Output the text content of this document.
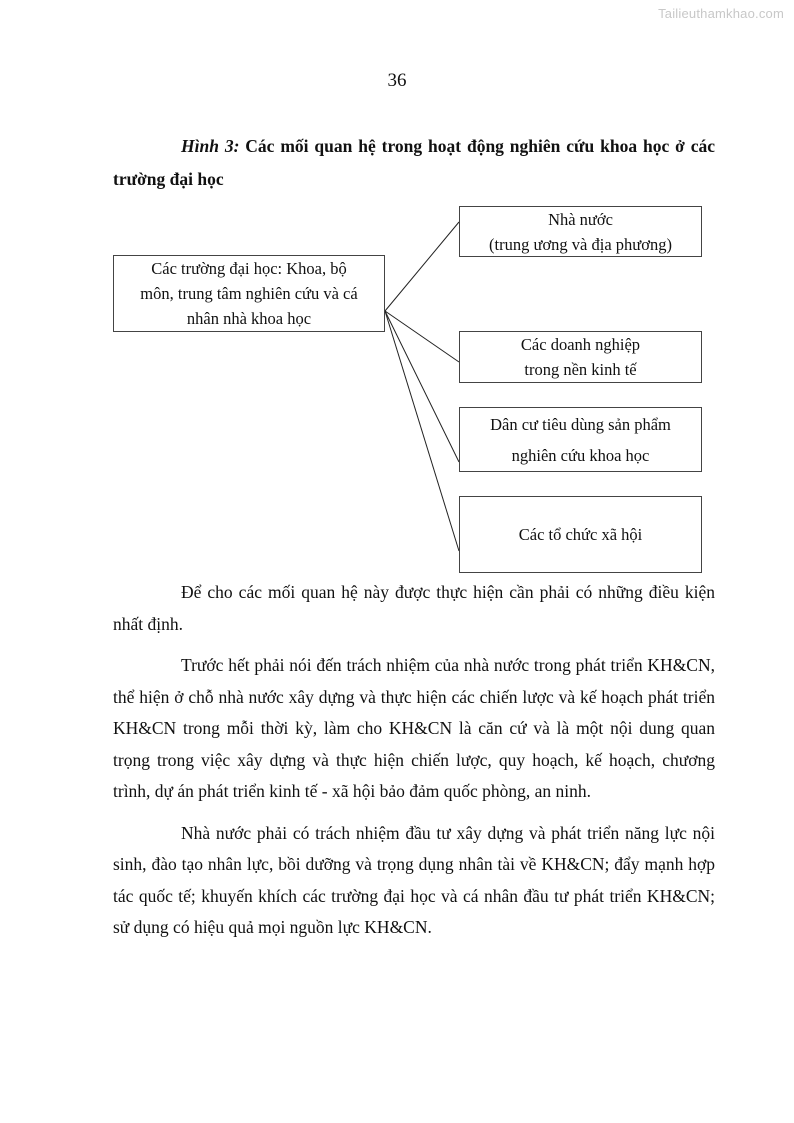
Tailieuthamkhao.com
36
Hình 3: Các mối quan hệ trong hoạt động nghiên cứu khoa học ở các trường đại học
Các trường đại học: Khoa, bộ
môn, trung tâm nghiên cứu và cá
nhân nhà khoa học
Nhà nước
(trung ương và địa phương)
Các doanh nghiệp
trong nền kinh tế
Dân cư tiêu dùng sản phẩm
nghiên cứu khoa học
Các tổ chức xã hội

Để cho các mối quan hệ này được thực hiện cần phải có những điều kiện nhất định.

Trước hết phải nói đến trách nhiệm của nhà nước trong phát triển KH&CN, thể hiện ở chỗ nhà nước xây dựng và thực hiện các chiến lược và kế hoạch phát triển KH&CN trong mỗi thời kỳ, làm cho KH&CN là căn cứ và là một nội dung quan trọng trong việc xây dựng và thực hiện chiến lược, quy hoạch, kế hoạch, chương trình, dự án phát triển kinh tế - xã hội bảo đảm quốc phòng, an ninh.

Nhà nước phải có trách nhiệm đầu tư xây dựng và phát triển năng lực nội sinh, đào tạo nhân lực, bồi dưỡng và trọng dụng nhân tài về KH&CN; đẩy mạnh hợp tác quốc tế; khuyến khích các trường đại học và cá nhân đầu tư phát triển KH&CN; sử dụng có hiệu quả mọi nguồn lực KH&CN.
